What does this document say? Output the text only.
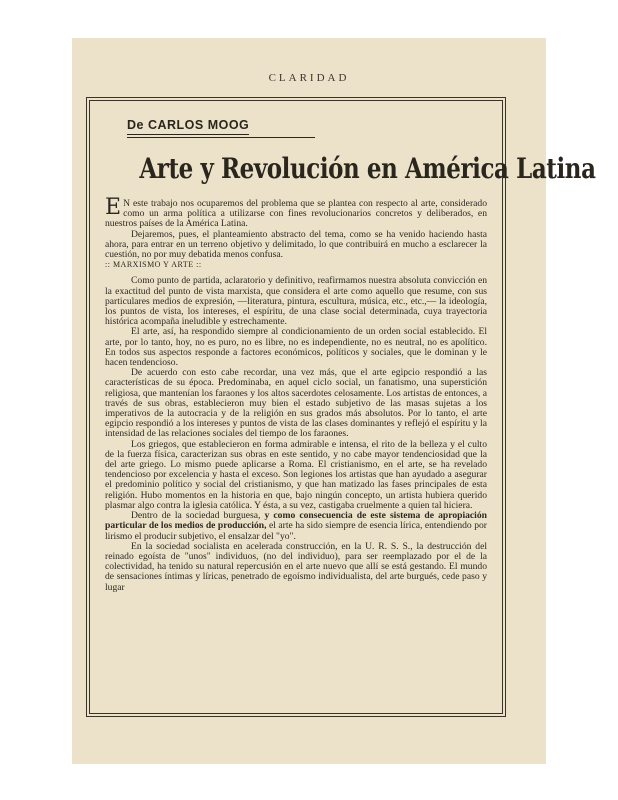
CLARIDAD
De CARLOS MOOG
Arte y Revolución en América Latina

E N este trabajo nos ocuparemos del problema que se plantea con respecto al arte, considerado como un arma política a utilizarse con fines revolucionarios concretos y deliberados, en nuestros países de la América Latina.

Dejaremos, pues, el planteamiento abstracto del tema, como se ha venido haciendo hasta ahora, para entrar en un terreno objetivo y delimitado, lo que contribuirá en mucho a esclarecer la cuestión, no por muy debatida menos confusa.

:: MARXISMO Y ARTE ::

Como punto de partida, aclaratorio y definitivo, reafirmamos nuestra absoluta convicción en la exactitud del punto de vista marxista, que considera el arte como aquello que resume, con sus particulares medios de expresión, —literatura, pintura, escultura, música, etc., etc.,— la ideología, los puntos de vista, los intereses, el espíritu, de una clase social determinada, cuya trayectoria histórica acompaña ineludible y estrechamente.

El arte, así, ha respondido siempre al condicionamiento de un orden social establecido. El arte, por lo tanto, hoy, no es puro, no es libre, no es independiente, no es neutral, no es apolítico. En todos sus aspectos responde a factores económicos, políticos y sociales, que le dominan y le hacen tendencioso.

De acuerdo con esto cabe recordar, una vez más, que el arte egipcio respondió a las características de su época. Predominaba, en aquel ciclo social, un fanatismo, una superstición religiosa, que mantenían los faraones y los altos sacerdotes celosamente. Los artistas de entonces, a través de sus obras, establecieron muy bien el estado subjetivo de las masas sujetas a los imperativos de la autocracia y de la religión en sus grados más absolutos. Por lo tanto, el arte egipcio respondió a los intereses y puntos de vista de las clases dominantes y reflejó el espíritu y la intensidad de las relaciones sociales del tiempo de los faraones.

Los griegos, que establecieron en forma admirable e intensa, el rito de la belleza y el culto de la fuerza física, caracterizan sus obras en este sentido, y no cabe mayor tendenciosidad que la del arte griego. Lo mismo puede aplicarse a Roma. El cristianismo, en el arte, se ha revelado tendencioso por excelencia y hasta el exceso. Son legiones los artistas que han ayudado a asegurar el predominio político y social del cristianismo, y que han matizado las fases principales de esta religión. Hubo momentos en la historia en que, bajo ningún concepto, un artista hubiera querido plasmar algo contra la iglesia católica. Y ésta, a su vez, castigaba cruelmente a quien tal hiciera.

Dentro de la sociedad burguesa, y como consecuencia de este sistema de apropiación particular de los medios de producción, el arte ha sido siempre de esencia lírica, entendiendo por lirismo el producir subjetivo, el ensalzar del "yo".

En la sociedad socialista en acelerada construcción, en la U. R. S. S., la destrucción del reinado egoísta de "unos" individuos, (no del individuo), para ser reemplazado por el de la colectividad, ha tenido su natural repercusión en el arte nuevo que allí se está gestando. El mundo de sensaciones íntimas y líricas, penetrado de egoísmo individualista, del arte burgués, cede paso y lugar
